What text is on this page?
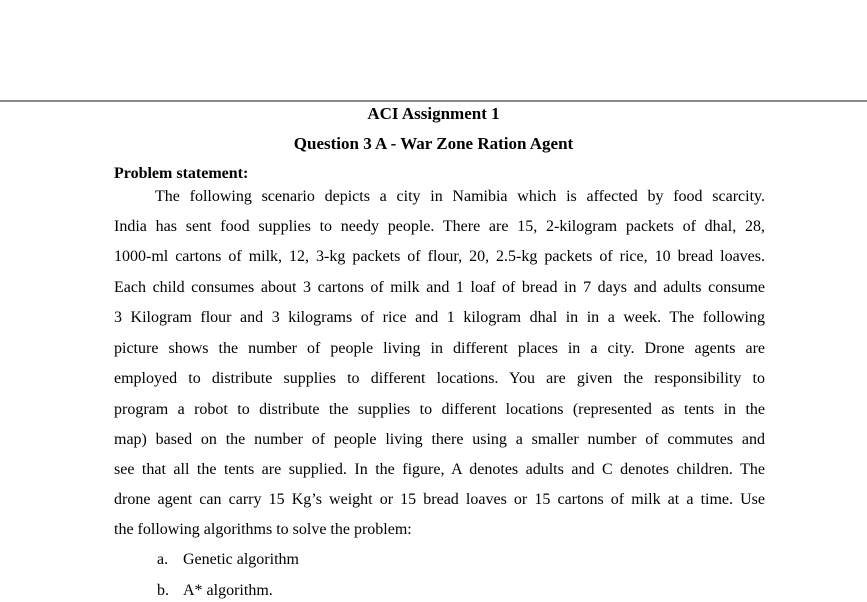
ACI Assignment 1
Question 3 A - War Zone Ration Agent
Problem statement:
The following scenario depicts a city in Namibia which is affected by food scarcity.
India has sent food supplies to needy people. There are 15, 2-kilogram packets of dhal, 28,
1000-ml cartons of milk, 12, 3-kg packets of flour, 20, 2.5-kg packets of rice, 10 bread loaves.
Each child consumes about 3 cartons of milk and 1 loaf of bread in 7 days and adults consume
3 Kilogram flour and 3 kilograms of rice and 1 kilogram dhal in in a week. The following
picture shows the number of people living in different places in a city. Drone agents are
employed to distribute supplies to different locations. You are given the responsibility to
program a robot to distribute the supplies to different locations (represented as tents in the
map) based on the number of people living there using a smaller number of commutes and
see that all the tents are supplied. In the figure, A denotes adults and C denotes children. The
drone agent can carry 15 Kg’s weight or 15 bread loaves or 15 cartons of milk at a time. Use
the following algorithms to solve the problem:
a. Genetic algorithm
b. A* algorithm.
